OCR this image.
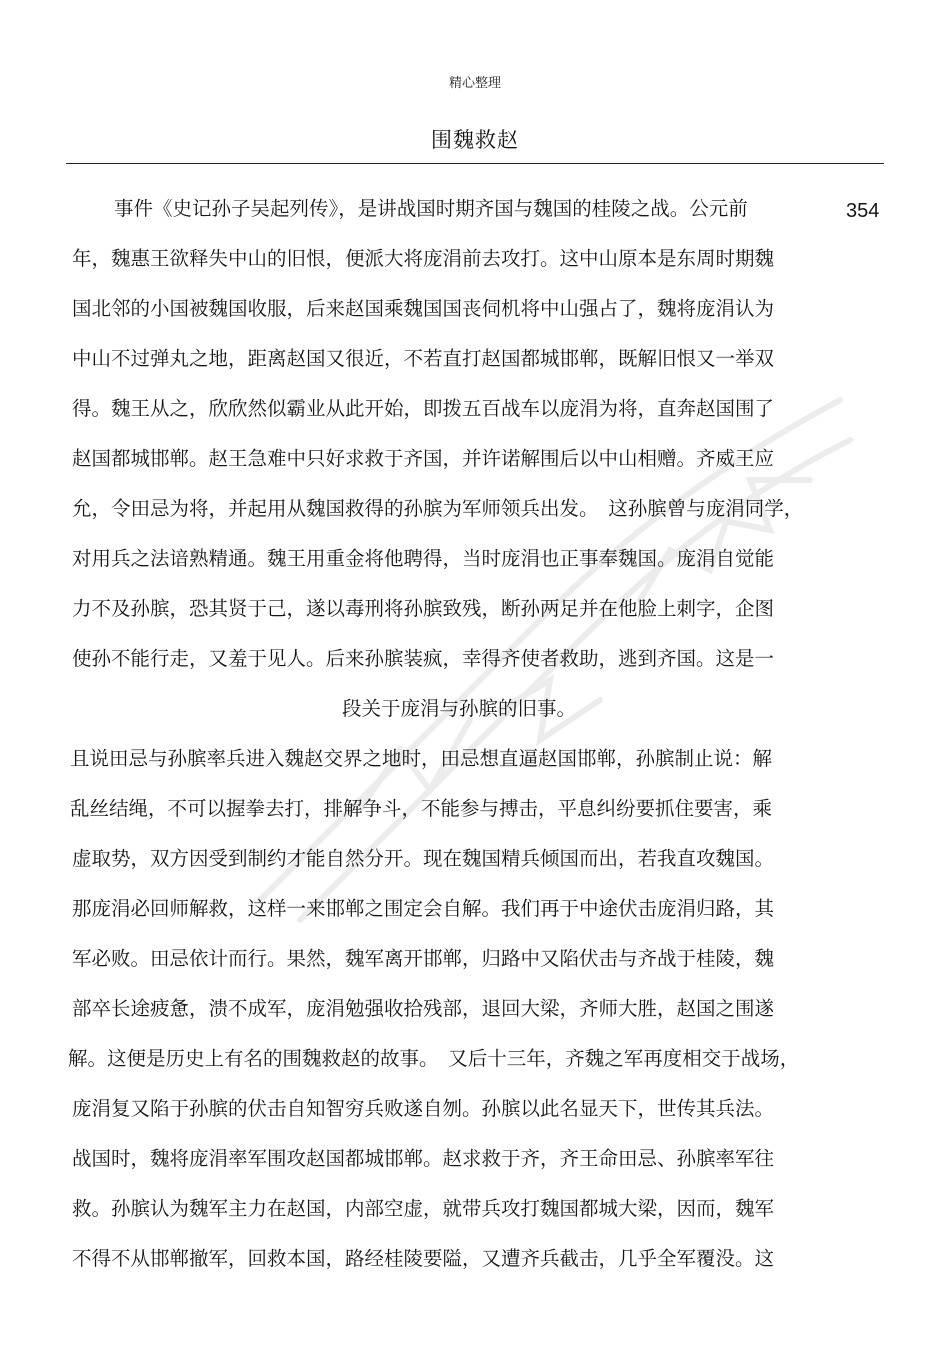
精心整理
围魏救赵
354
事件《史记孙子吴起列传》，是讲战国时期齐国与魏国的桂陵之战。公元前
年，魏惠王欲释失中山的旧恨，便派大将庞涓前去攻打。这中山原本是东周时期魏
国北邻的小国被魏国收服，后来赵国乘魏国国丧伺机将中山强占了，魏将庞涓认为
中山不过弹丸之地，距离赵国又很近，不若直打赵国都城邯郸，既解旧恨又一举双
得。魏王从之，欣欣然似霸业从此开始，即拨五百战车以庞涓为将，直奔赵国围了
赵国都城邯郸。赵王急难中只好求救于齐国，并许诺解围后以中山相赠。齐威王应
允，令田忌为将，并起用从魏国救得的孙膑为军师领兵出发。　这孙膑曾与庞涓同学，
对用兵之法谙熟精通。魏王用重金将他聘得，当时庞涓也正事奉魏国。庞涓自觉能
力不及孙膑，恐其贤于己，遂以毒刑将孙膑致残，断孙两足并在他脸上刺字，企图
使孙不能行走，又羞于见人。后来孙膑装疯，幸得齐使者救助，逃到齐国。这是一
段关于庞涓与孙膑的旧事。
且说田忌与孙膑率兵进入魏赵交界之地时，田忌想直逼赵国邯郸，孙膑制止说：解
乱丝结绳，不可以握拳去打，排解争斗，不能参与搏击，平息纠纷要抓住要害，乘
虚取势，双方因受到制约才能自然分开。现在魏国精兵倾国而出，若我直攻魏国。
那庞涓必回师解救，这样一来邯郸之围定会自解。我们再于中途伏击庞涓归路，其
军必败。田忌依计而行。果然，魏军离开邯郸，归路中又陷伏击与齐战于桂陵，魏
部卒长途疲惫，溃不成军，庞涓勉强收拾残部，退回大梁，齐师大胜，赵国之围遂
解。这便是历史上有名的围魏救赵的故事。　又后十三年，齐魏之军再度相交于战场，
庞涓复又陷于孙膑的伏击自知智穷兵败遂自刎。孙膑以此名显天下，世传其兵法。
战国时，魏将庞涓率军围攻赵国都城邯郸。赵求救于齐，齐王命田忌、孙膑率军往
救。孙膑认为魏军主力在赵国，内部空虚，就带兵攻打魏国都城大梁，因而，魏军
不得不从邯郸撤军，回救本国，路经桂陵要隘，又遭齐兵截击，几乎全军覆没。这
